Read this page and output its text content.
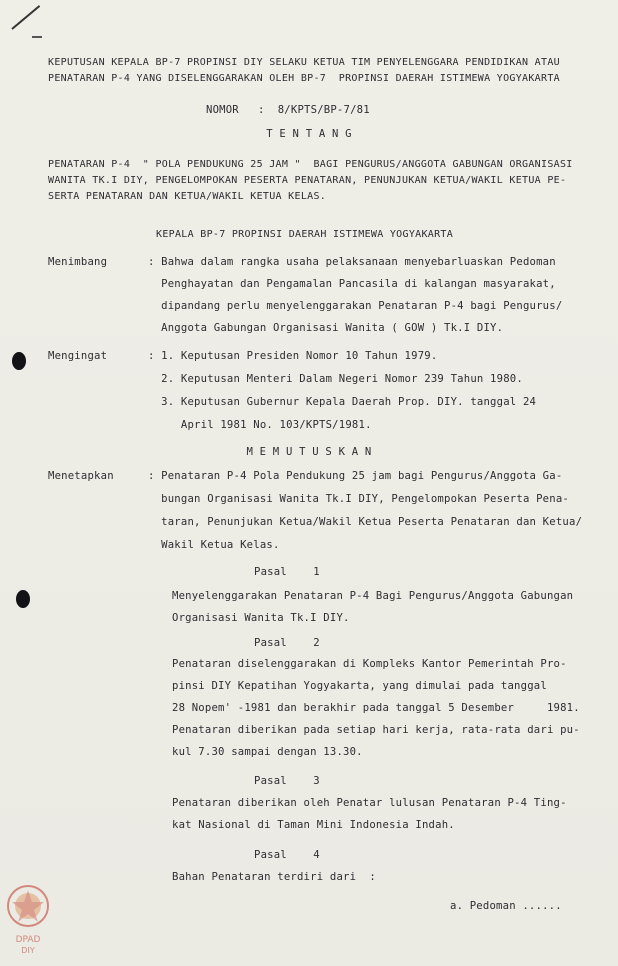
KEPUTUSAN KEPALA BP-7 PROPINSI DIY SELAKU KETUA TIM PENYELENGGARA PENDIDIKAN ATAU
PENATARAN P-4 YANG DISELENGGARAKAN OLEH BP-7  PROPINSI DAERAH ISTIMEWA YOGYAKARTA
NOMOR :  8/KPTS/BP-7/81
T E N T A N G
PENATARAN P-4  " POLA PENDUKUNG 25 JAM "  BAGI PENGURUS/ANGGOTA GABUNGAN ORGANISASI
WANITA TK.I DIY, PENGELOMPOKAN PESERTA PENATARAN, PENUNJUKAN KETUA/WAKIL KETUA PE-
SERTA PENATARAN DAN KETUA/WAKIL KETUA KELAS.
KEPALA BP-7 PROPINSI DAERAH ISTIMEWA YOGYAKARTA
Menimbang	: Bahwa dalam rangka usaha pelaksanaan menyebarluaskan Pedoman
Penghayatan dan Pengamalan Pancasila di kalangan masyarakat,
dipandang perlu menyelenggarakan Penataran P-4 bagi Pengurus/
Anggota Gabungan Organisasi Wanita ( GOW ) Tk.I DIY.
Mengingat	: 1. Keputusan Presiden Nomor 10 Tahun 1979.
2. Keputusan Menteri Dalam Negeri Nomor 239 Tahun 1980.
3. Keputusan Gubernur Kepala Daerah Prop. DIY. tanggal 24
April 1981 No. 103/KPTS/1981.
M E M U T U S K A N
Menetapkan	: Penataran P-4 Pola Pendukung 25 jam bagi Pengurus/Anggota Ga-
bungan Organisasi Wanita Tk.I DIY, Pengelompokan Peserta Pena-
taran, Penunjukan Ketua/Wakil Ketua Peserta Penataran dan Ketua/
Wakil Ketua Kelas.
Pasal    1
Menyelenggarakan Penataran P-4 Bagi Pengurus/Anggota Gabungan
Organisasi Wanita Tk.I DIY.
Pasal    2
Penataran diselenggarakan di Kompleks Kantor Pemerintah Pro-
pinsi DIY Kepatihan Yogyakarta, yang dimulai pada tanggal
28 Nopem' -1981 dan berakhir pada tanggal 5 Desember     1981.
Penataran diberikan pada setiap hari kerja, rata-rata dari pu-
kul 7.30 sampai dengan 13.30.
Pasal    3
Penataran diberikan oleh Penatar lulusan Penataran P-4 Ting-
kat Nasional di Taman Mini Indonesia Indah.
Pasal    4
Bahan Penataran terdiri dari  :
a. Pedoman ......
DPAD
DIY
